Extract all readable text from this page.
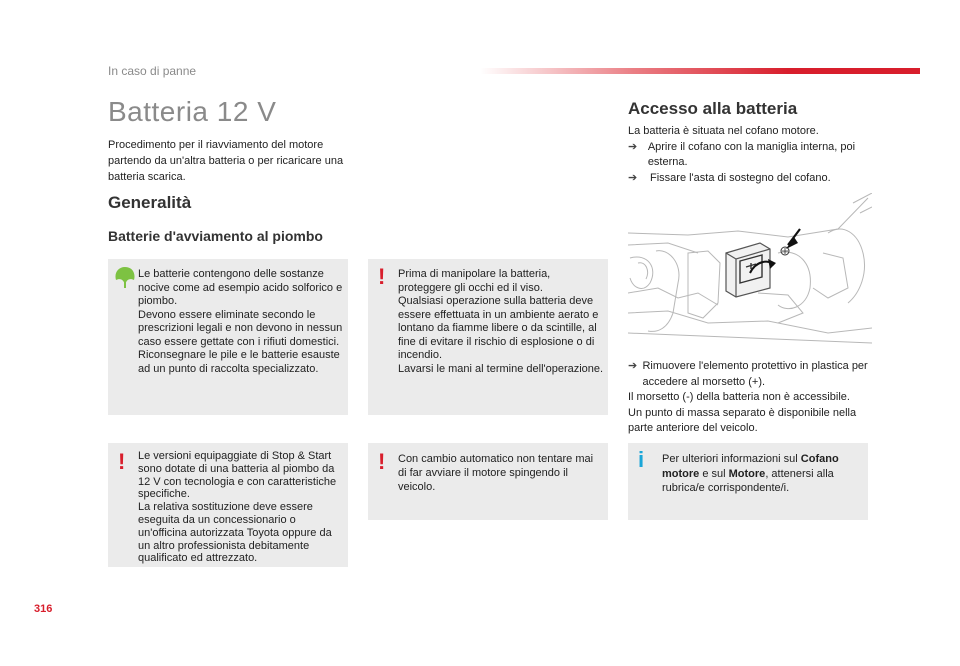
In caso di panne
Batteria 12 V
Procedimento per il riavviamento del motore partendo da un'altra batteria o per ricaricare una batteria scarica.
Generalità
Batterie d'avviamento al piombo
Le batterie contengono delle sostanze nocive come ad esempio acido solforico e piombo.
Devono essere eliminate secondo le prescrizioni legali e non devono in nessun caso essere gettate con i rifiuti domestici.
Riconsegnare le pile e le batterie esauste ad un punto di raccolta specializzato.
! Prima di manipolare la batteria, proteggere gli occhi ed il viso.
Qualsiasi operazione sulla batteria deve essere effettuata in un ambiente aerato e lontano da fiamme libere o da scintille, al fine di evitare il rischio di esplosione o di incendio.
Lavarsi le mani al termine dell'operazione.
! Le versioni equipaggiate di Stop & Start sono dotate di una batteria al piombo da 12 V con tecnologia e con caratteristiche specifiche.
La relativa sostituzione deve essere eseguita da un concessionario o un'officina autorizzata Toyota oppure da un altro professionista debitamente qualificato ed attrezzato.
! Con cambio automatico non tentare mai di far avviare il motore spingendo il veicolo.
i Per ulteriori informazioni sul Cofano motore e sul Motore, attenersi alla rubrica/e corrispondente/i.
Accesso alla batteria
La batteria è situata nel cofano motore.
➔ Aprire il cofano con la maniglia interna, poi esterna.
➔	Fissare l'asta di sostegno del cofano.
➔ Rimuovere l'elemento protettivo in plastica per accedere al morsetto (+).
Il morsetto (-) della batteria non è accessibile.
Un punto di massa separato è disponibile nella parte anteriore del veicolo.
316
